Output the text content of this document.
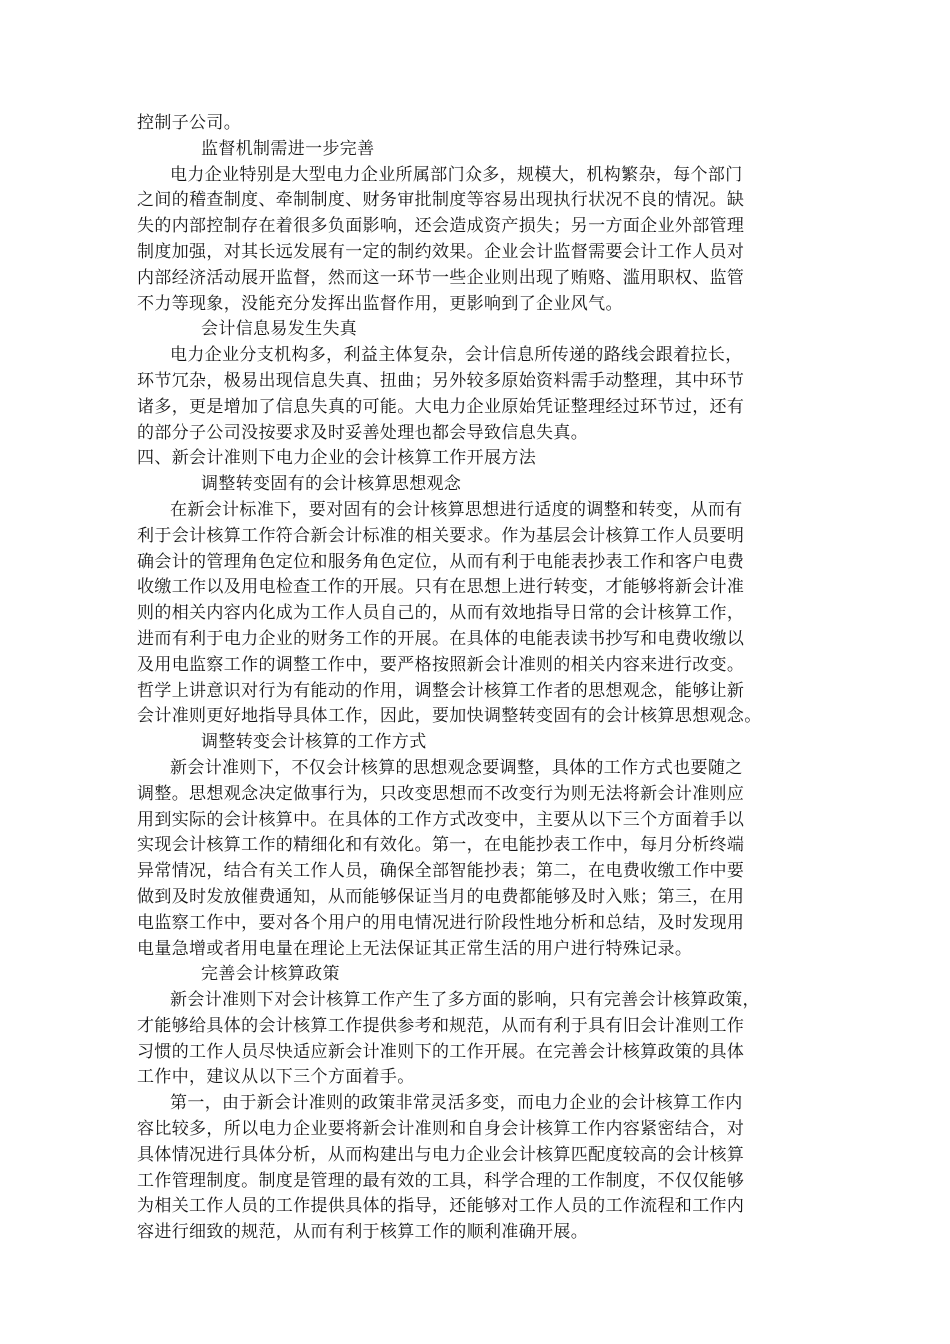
控制子公司。
监督机制需进一步完善
电力企业特别是大型电力企业所属部门众多，规模大，机构繁杂，每个部门
之间的稽查制度、牵制制度、财务审批制度等容易出现执行状况不良的情况。缺
失的内部控制存在着很多负面影响，还会造成资产损失；另一方面企业外部管理
制度加强，对其长远发展有一定的制约效果。企业会计监督需要会计工作人员对
内部经济活动展开监督，然而这一环节一些企业则出现了贿赂、滥用职权、监管
不力等现象，没能充分发挥出监督作用，更影响到了企业风气。
会计信息易发生失真
电力企业分支机构多，利益主体复杂，会计信息所传递的路线会跟着拉长，
环节冗杂，极易出现信息失真、扭曲；另外较多原始资料需手动整理，其中环节
诸多，更是增加了信息失真的可能。大电力企业原始凭证整理经过环节过，还有
的部分子公司没按要求及时妥善处理也都会导致信息失真。
四、新会计准则下电力企业的会计核算工作开展方法
调整转变固有的会计核算思想观念
在新会计标准下，要对固有的会计核算思想进行适度的调整和转变，从而有
利于会计核算工作符合新会计标准的相关要求。作为基层会计核算工作人员要明
确会计的管理角色定位和服务角色定位，从而有利于电能表抄表工作和客户电费
收缴工作以及用电检查工作的开展。只有在思想上进行转变，才能够将新会计准
则的相关内容内化成为工作人员自己的，从而有效地指导日常的会计核算工作，
进而有利于电力企业的财务工作的开展。在具体的电能表读书抄写和电费收缴以
及用电监察工作的调整工作中，要严格按照新会计准则的相关内容来进行改变。
哲学上讲意识对行为有能动的作用，调整会计核算工作者的思想观念，能够让新
会计准则更好地指导具体工作，因此，要加快调整转变固有的会计核算思想观念。
调整转变会计核算的工作方式
新会计准则下，不仅会计核算的思想观念要调整，具体的工作方式也要随之
调整。思想观念决定做事行为，只改变思想而不改变行为则无法将新会计准则应
用到实际的会计核算中。在具体的工作方式改变中，主要从以下三个方面着手以
实现会计核算工作的精细化和有效化。第一，在电能抄表工作中，每月分析终端
异常情况，结合有关工作人员，确保全部智能抄表；第二，在电费收缴工作中要
做到及时发放催费通知，从而能够保证当月的电费都能够及时入账；第三，在用
电监察工作中，要对各个用户的用电情况进行阶段性地分析和总结，及时发现用
电量急增或者用电量在理论上无法保证其正常生活的用户进行特殊记录。
完善会计核算政策
新会计准则下对会计核算工作产生了多方面的影响，只有完善会计核算政策，
才能够给具体的会计核算工作提供参考和规范，从而有利于具有旧会计准则工作
习惯的工作人员尽快适应新会计准则下的工作开展。在完善会计核算政策的具体
工作中，建议从以下三个方面着手。
第一，由于新会计准则的政策非常灵活多变，而电力企业的会计核算工作内
容比较多，所以电力企业要将新会计准则和自身会计核算工作内容紧密结合，对
具体情况进行具体分析，从而构建出与电力企业会计核算匹配度较高的会计核算
工作管理制度。制度是管理的最有效的工具，科学合理的工作制度，不仅仅能够
为相关工作人员的工作提供具体的指导，还能够对工作人员的工作流程和工作内
容进行细致的规范，从而有利于核算工作的顺利准确开展。
